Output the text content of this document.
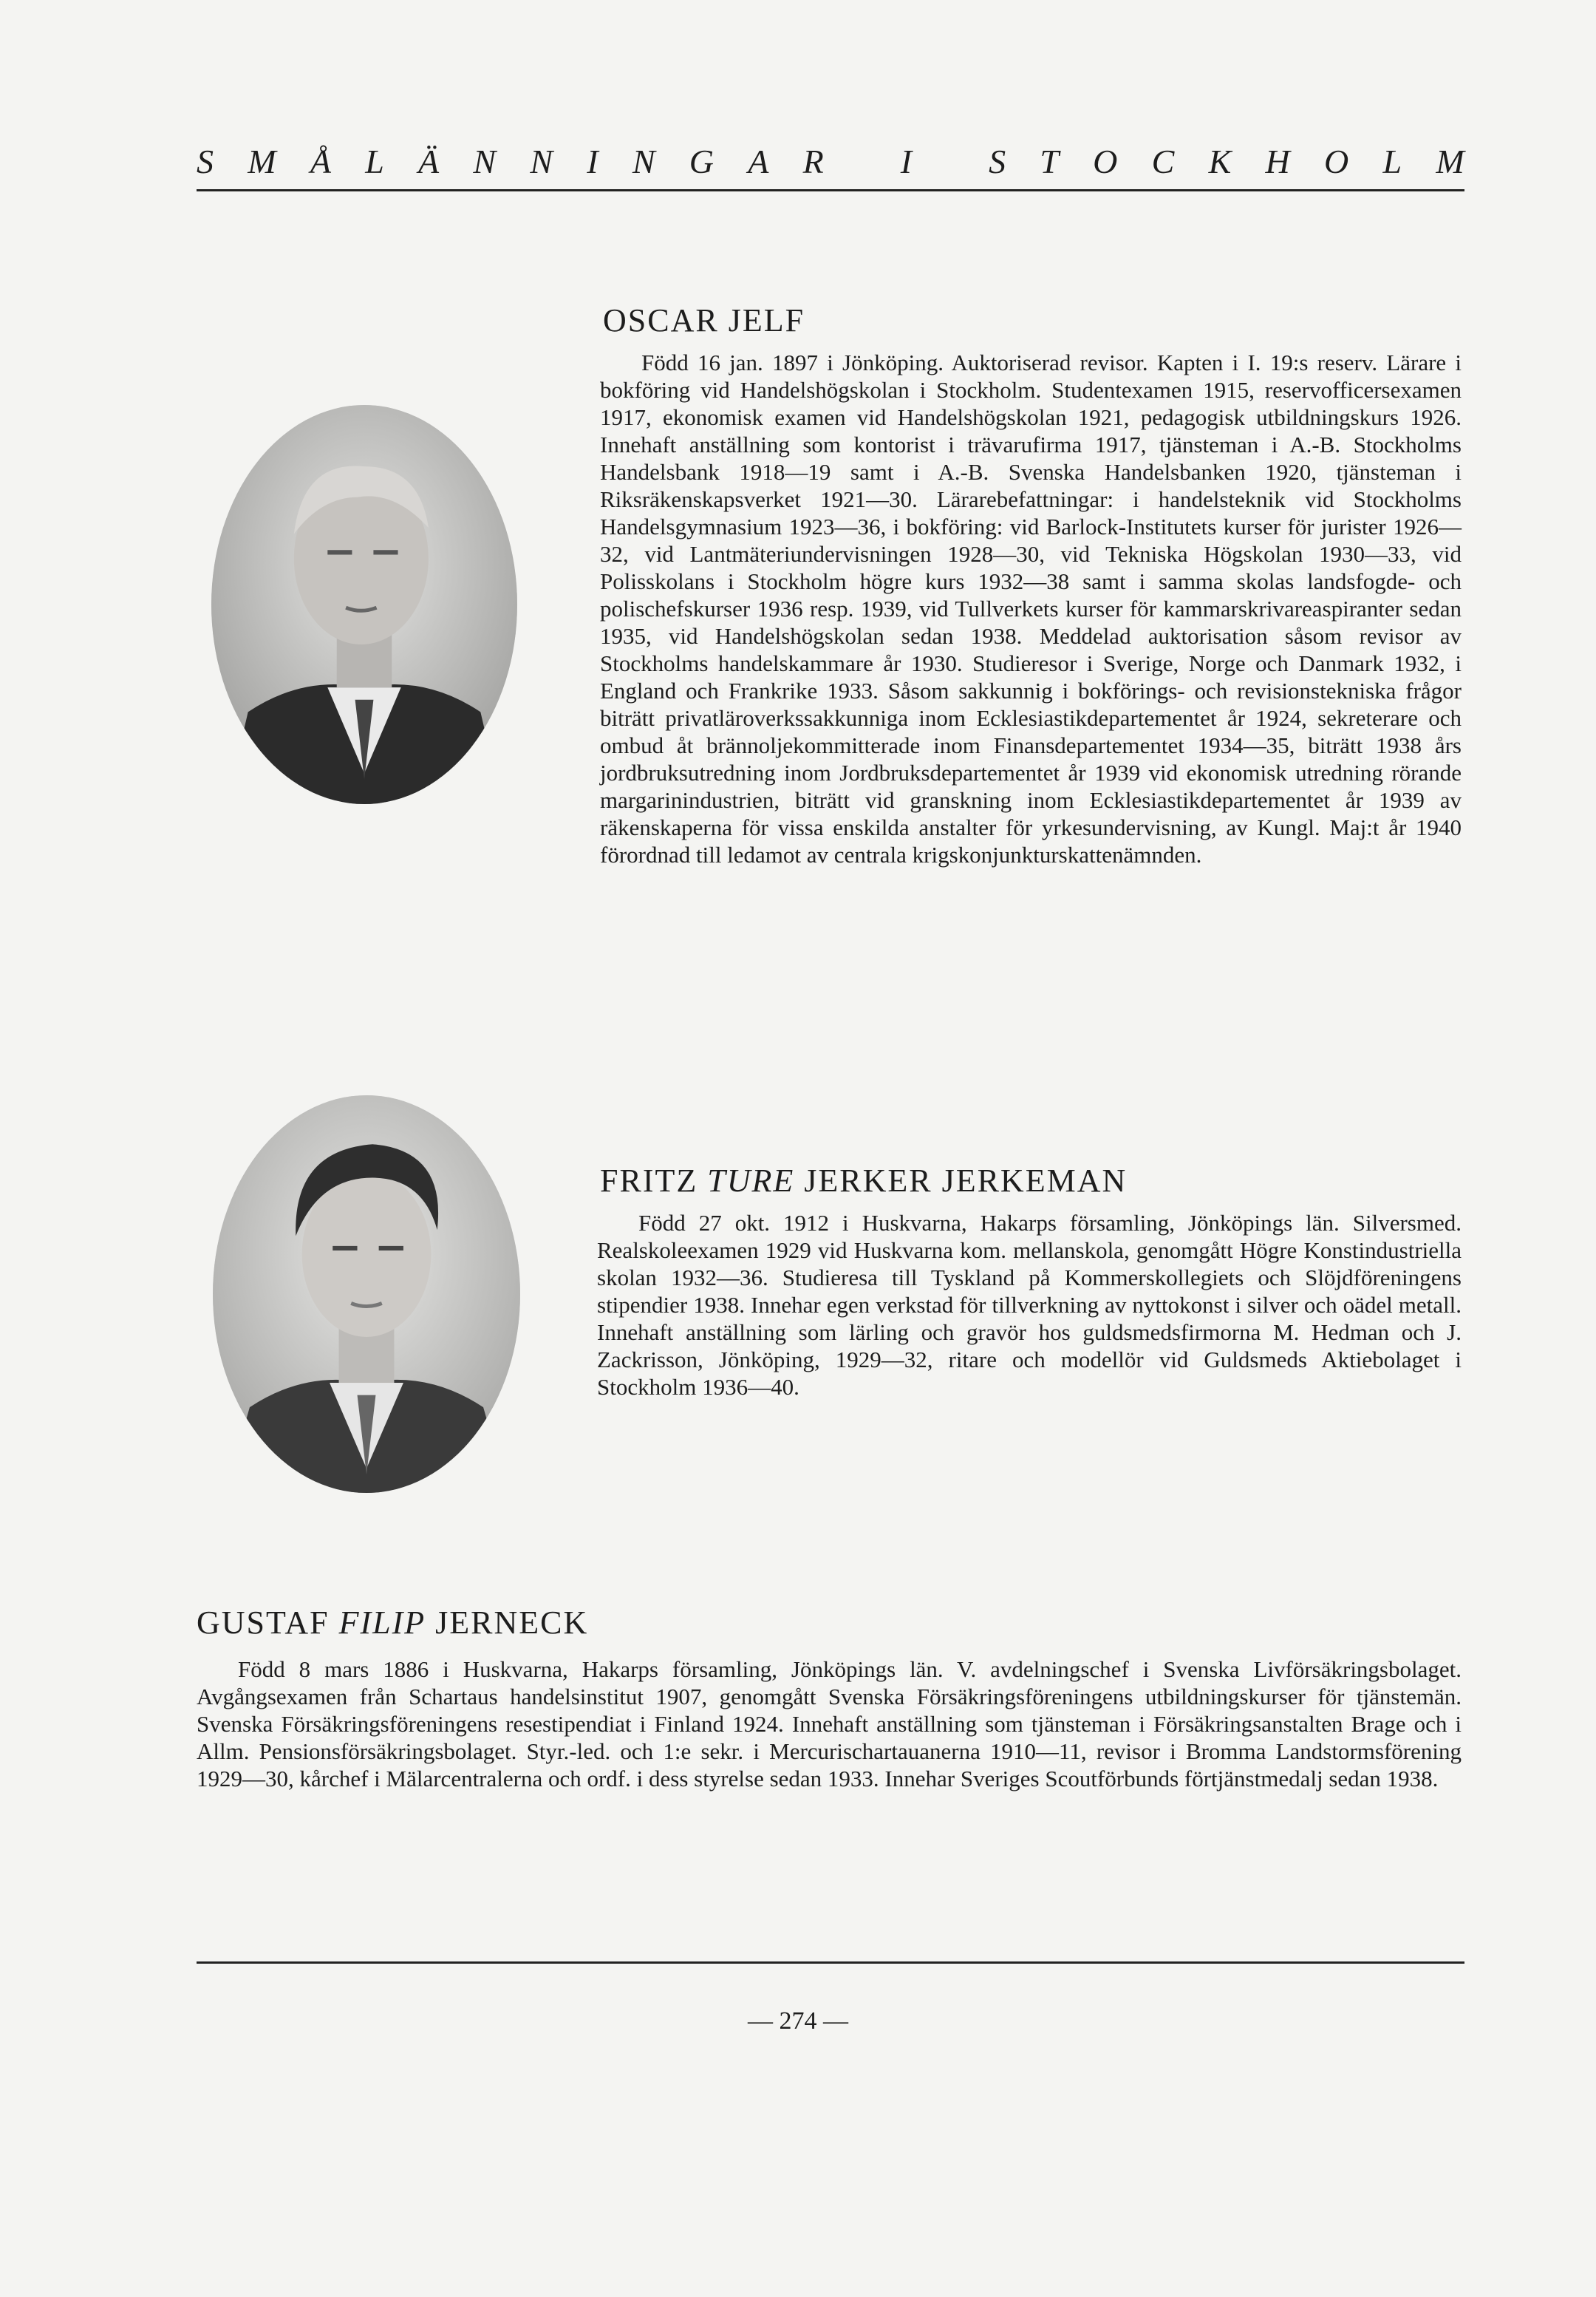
S M Å L Ä N N I N G A R
I
S T O C K H O L M
OSCAR JELF

Född 16 jan. 1897 i Jönköping. Auktoriserad revisor. Kapten i I. 19:s reserv. Lärare i bokföring vid Handelshögskolan i Stockholm. Studentexamen 1915, reservofficersexamen 1917, ekonomisk examen vid Handelshögskolan 1921, pedagogisk utbildningskurs 1926. Innehaft anställning som kontorist i trävarufirma 1917, tjänsteman i A.-B. Stockholms Handelsbank 1918—19 samt i A.-B. Svenska Handelsbanken 1920, tjänsteman i Riksräkenskapsverket 1921—30. Lärarebefattningar: i handelsteknik vid Stockholms Handelsgymnasium 1923—36, i bokföring: vid Barlock-Institutets kurser för jurister 1926—32, vid Lantmäteriundervisningen 1928—30, vid Tekniska Högskolan 1930—33, vid Polisskolans i Stockholm högre kurs 1932—38 samt i samma skolas landsfogde- och polischefskurser 1936 resp. 1939, vid Tullverkets kurser för kammarskrivareaspiranter sedan 1935, vid Handelshögskolan sedan 1938. Meddelad auktorisation såsom revisor av Stockholms handelskammare år 1930. Studieresor i Sverige, Norge och Danmark 1932, i England och Frankrike 1933. Såsom sakkunnig i bokförings- och revisionstekniska frågor biträtt privatläroverkssakkunniga inom Ecklesiastikdepartementet år 1924, sekreterare och ombud åt brännoljekommitterade inom Finansdepartementet 1934—35, biträtt 1938 års jordbruksutredning inom Jordbruksdepartementet år 1939 vid ekonomisk utredning rörande margarinindustrien, biträtt vid granskning inom Ecklesiastikdepartementet år 1939 av räkenskaperna för vissa enskilda anstalter för yrkesundervisning, av Kungl. Maj:t år 1940 förordnad till ledamot av centrala krigskonjunkturskattenämnden.

FRITZ TURE JERKER JERKEMAN

Född 27 okt. 1912 i Huskvarna, Hakarps församling, Jönköpings län. Silversmed. Realskoleexamen 1929 vid Huskvarna kom. mellanskola, genomgått Högre Konstindustriella skolan 1932—36. Studieresa till Tyskland på Kommerskollegiets och Slöjdföreningens stipendier 1938. Innehar egen verkstad för tillverkning av nyttokonst i silver och oädel metall. Innehaft anställning som lärling och gravör hos guldsmedsfirmorna M. Hedman och J. Zackrisson, Jönköping, 1929—32, ritare och modellör vid Guldsmeds Aktiebolaget i Stockholm 1936—40.

GUSTAF FILIP JERNECK

Född 8 mars 1886 i Huskvarna, Hakarps församling, Jönköpings län. V. avdelningschef i Svenska Livförsäkringsbolaget. Avgångsexamen från Schartaus handelsinstitut 1907, genomgått Svenska Försäkringsföreningens utbildningskurser för tjänstemän. Svenska Försäkringsföreningens resestipendiat i Finland 1924. Innehaft anställning som tjänsteman i Försäkringsanstalten Brage och i Allm. Pensionsförsäkringsbolaget. Styr.-led. och 1:e sekr. i Mercurischartauanerna 1910—11, revisor i Bromma Landstormsförening 1929—30, kårchef i Mälarcentralerna och ordf. i dess styrelse sedan 1933. Innehar Sveriges Scoutförbunds förtjänstmedalj sedan 1938.

— 274 —
